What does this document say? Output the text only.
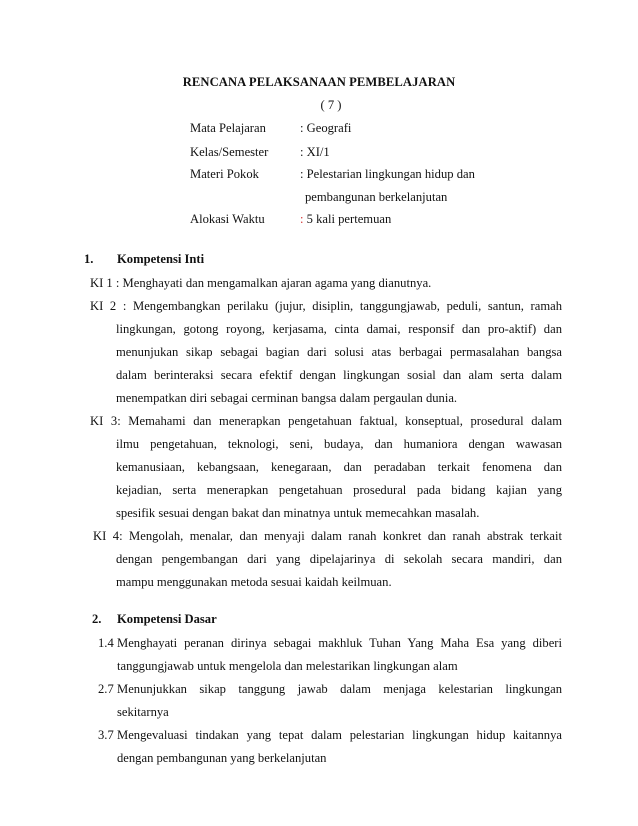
RENCANA PELAKSANAAN PEMBELAJARAN
( 7 )
Mata Pelajaran	: Geografi
Kelas/Semester	: XI/1
Materi Pokok	: Pelestarian lingkungan hidup dan
pembangunan berkelanjutan
Alokasi Waktu	: 5 kali pertemuan
1. Kompetensi Inti
KI 1 : Menghayati dan mengamalkan ajaran agama yang dianutnya.
KI 2 : Mengembangkan perilaku (jujur, disiplin, tanggungjawab, peduli, santun, ramah
lingkungan, gotong royong, kerjasama, cinta damai, responsif dan pro-aktif) dan
menunjukan sikap sebagai bagian dari solusi atas berbagai permasalahan bangsa
dalam berinteraksi secara efektif dengan lingkungan sosial dan alam serta dalam
menempatkan diri sebagai cerminan bangsa dalam pergaulan dunia.
KI 3: Memahami dan menerapkan pengetahuan faktual, konseptual, prosedural dalam
ilmu pengetahuan, teknologi, seni, budaya, dan humaniora dengan wawasan
kemanusiaan, kebangsaan, kenegaraan, dan peradaban terkait fenomena dan
kejadian, serta menerapkan pengetahuan prosedural pada bidang kajian yang
spesifik sesuai dengan bakat dan minatnya untuk memecahkan masalah.
KI 4: Mengolah, menalar, dan menyaji dalam ranah konkret dan ranah abstrak terkait
dengan pengembangan dari yang dipelajarinya di sekolah secara mandiri, dan
mampu menggunakan metoda sesuai kaidah keilmuan.
2. Kompetensi Dasar
1.4 Menghayati peranan dirinya sebagai makhluk Tuhan Yang Maha Esa yang diberi
tanggungjawab untuk mengelola dan melestarikan lingkungan alam
2.7 Menunjukkan sikap tanggung jawab dalam menjaga kelestarian lingkungan
sekitarnya
3.7 Mengevaluasi tindakan yang tepat dalam pelestarian lingkungan hidup kaitannya
dengan pembangunan yang berkelanjutan
